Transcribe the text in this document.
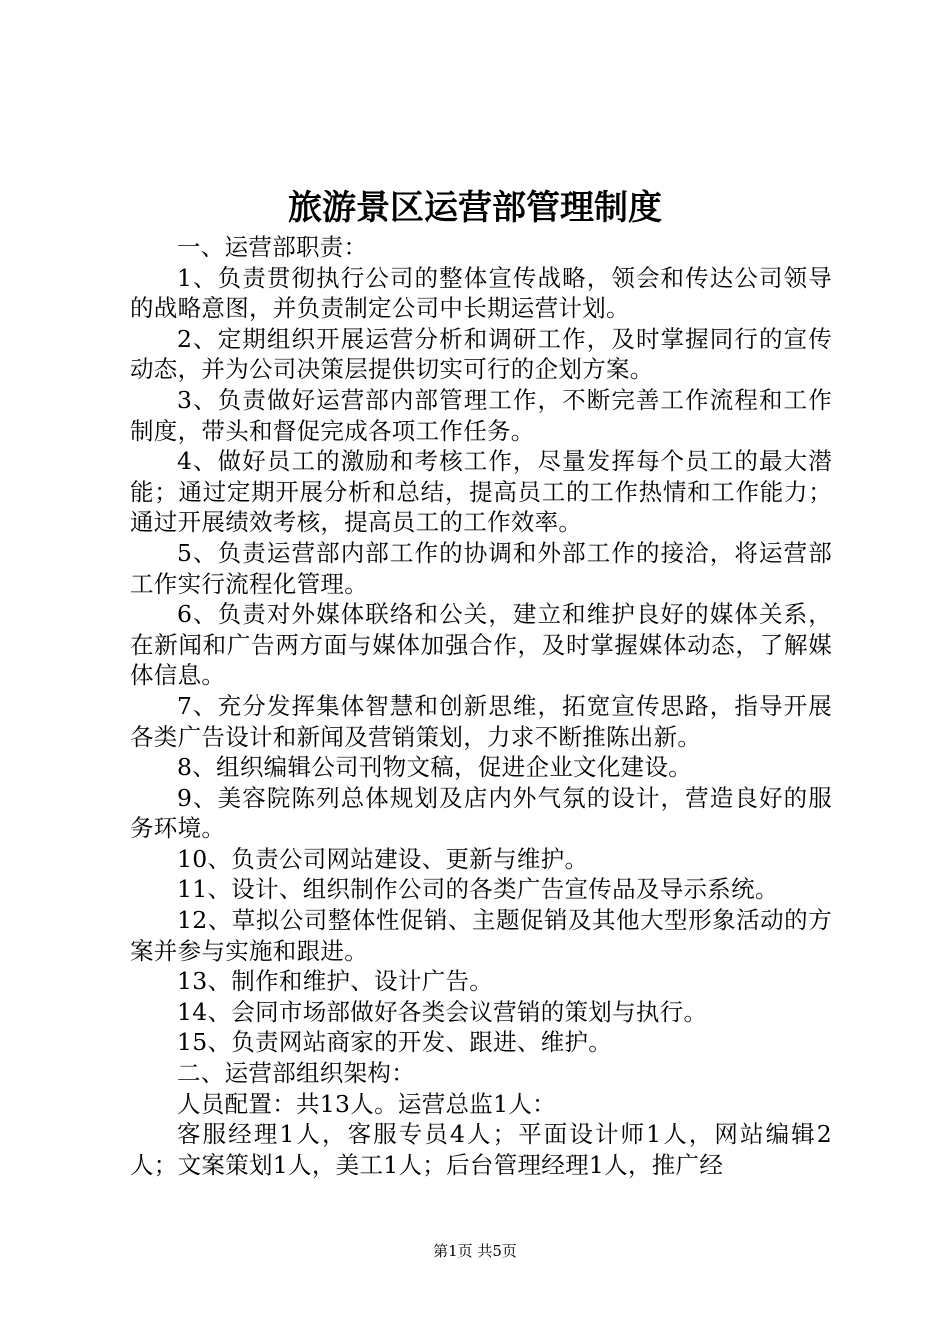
旅游景区运营部管理制度

一、运营部职责：

1、负责贯彻执行公司的整体宣传战略，领会和传达公司领导的战略意图，并负责制定公司中长期运营计划。

2、定期组织开展运营分析和调研工作，及时掌握同行的宣传动态，并为公司决策层提供切实可行的企划方案。

3、负责做好运营部内部管理工作，不断完善工作流程和工作制度，带头和督促完成各项工作任务。

4、做好员工的激励和考核工作，尽量发挥每个员工的最大潜能；通过定期开展分析和总结，提高员工的工作热情和工作能力；通过开展绩效考核，提高员工的工作效率。

5、负责运营部内部工作的协调和外部工作的接洽，将运营部工作实行流程化管理。

6、负责对外媒体联络和公关，建立和维护良好的媒体关系，在新闻和广告两方面与媒体加强合作，及时掌握媒体动态，了解媒体信息。

7、充分发挥集体智慧和创新思维，拓宽宣传思路，指导开展各类广告设计和新闻及营销策划，力求不断推陈出新。

8、组织编辑公司刊物文稿，促进企业文化建设。

9、美容院陈列总体规划及店内外气氛的设计，营造良好的服务环境。

10、负责公司网站建设、更新与维护。

11、设计、组织制作公司的各类广告宣传品及导示系统。

12、草拟公司整体性促销、主题促销及其他大型形象活动的方案并参与实施和跟进。

13、制作和维护、设计广告。

14、会同市场部做好各类会议营销的策划与执行。

15、负责网站商家的开发、跟进、维护。

二、运营部组织架构：

人员配置：共13人。运营总监1人：

客服经理1人，客服专员4人；平面设计师1人，网站编辑2人；文案策划1人，美工1人；后台管理经理1人，推广经

第1页 共5页
